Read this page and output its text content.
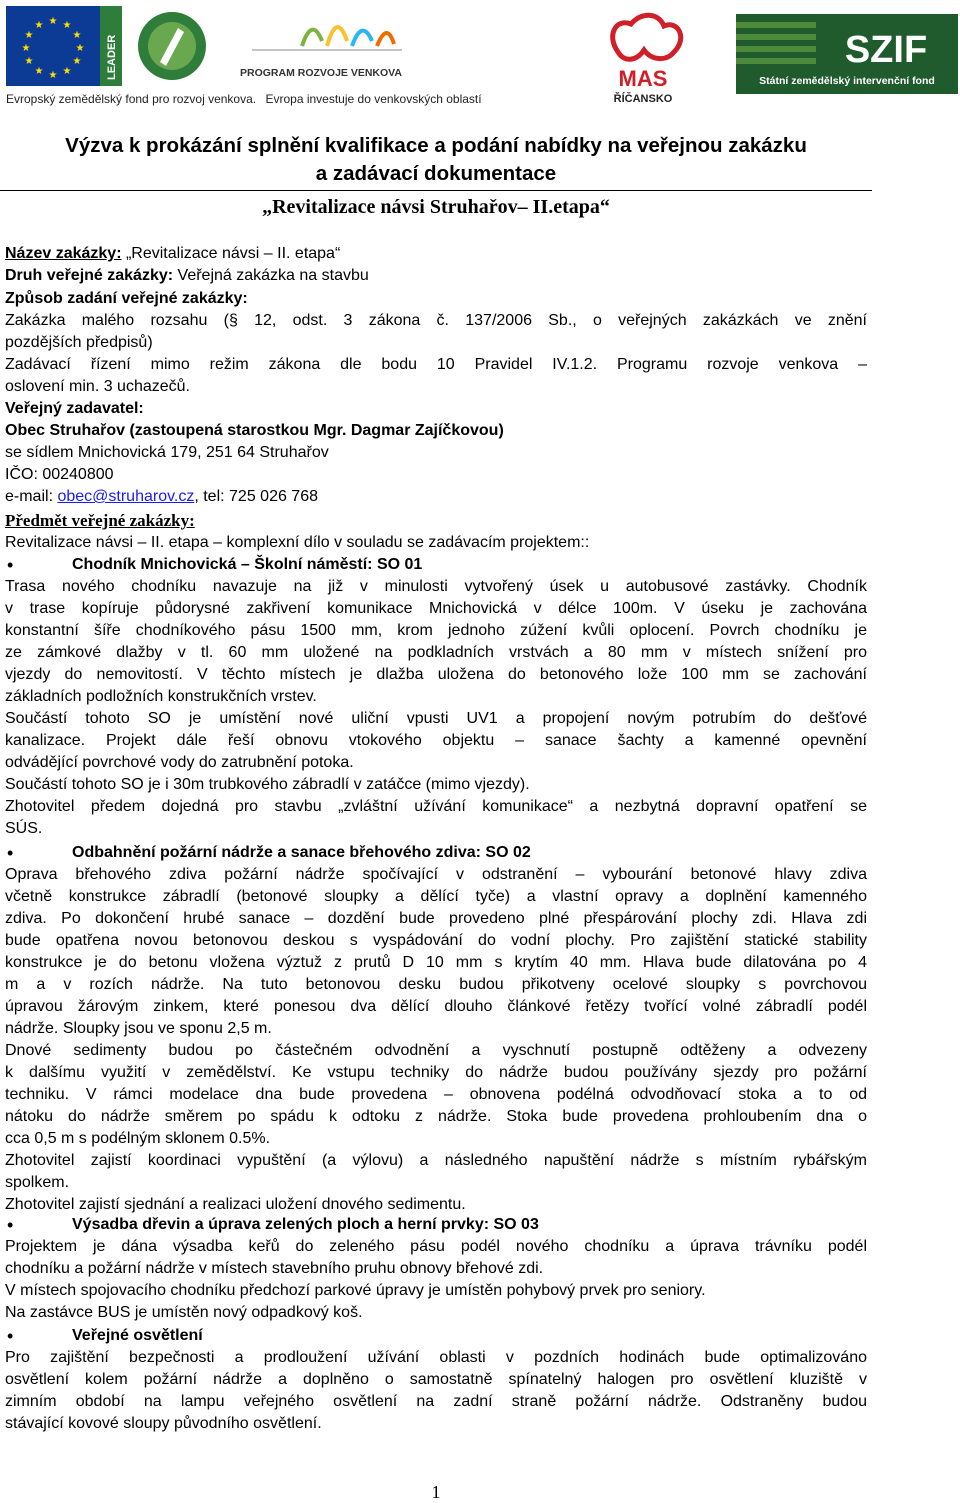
★ ★
★
★
★
★
★
★
★
★
★
★
LEADER	PROGRAM ROZVOJE VENKOVA	MAS
ŘÍČANSKO
SZIF
Státní zemědělský intervenční fond
Evropský zemědělský fond pro rozvoj venkova. Evropa investuje do venkovských oblastí
Výzva k prokázání splnění kvalifikace a podání nabídky na veřejnou zakázku
a zadávací dokumentace
„Revitalizace návsi Struhařov– II.etapa“
Název zakázky: „Revitalizace návsi – II. etapa“
Druh veřejné zakázky: Veřejná zakázka na stavbu
Způsob zadání veřejné zakázky:
Zakázka malého rozsahu (§ 12, odst. 3 zákona č. 137/2006 Sb., o veřejných zakázkách ve znění
pozdějších předpisů)
Zadávací řízení mimo režim zákona dle bodu 10 Pravidel IV.1.2. Programu rozvoje venkova –
oslovení min. 3 uchazečů.
Veřejný zadavatel:
Obec Struhařov (zastoupená starostkou Mgr. Dagmar Zajíčkovou)
se sídlem Mnichovická 179, 251 64 Struhařov
IČO: 00240800
e-mail: obec@struharov.cz, tel: 725 026 768
Předmět veřejné zakázky:
Revitalizace návsi – II. etapa – komplexní dílo v souladu se zadávacím projektem::
•
Chodník Mnichovická – Školní náměstí: SO 01
Trasa nového chodníku navazuje na již v minulosti vytvořený úsek u autobusové zastávky. Chodník
v trase kopíruje půdorysné zakřivení komunikace Mnichovická v délce 100m. V úseku je zachována
konstantní šíře chodníkového pásu 1500 mm, krom jednoho zúžení kvůli oplocení. Povrch chodníku je
ze zámkové dlažby v tl. 60 mm uložené na podkladních vrstvách a 80 mm v místech snížení pro
vjezdy do nemovitostí. V těchto místech je dlažba uložena do betonového lože 100 mm se zachování
základních podložních konstrukčních vrstev.
Součástí tohoto SO je umístění nové uliční vpusti UV1 a propojení novým potrubím do dešťové
kanalizace. Projekt dále řeší obnovu vtokového objektu – sanace šachty a kamenné opevnění
odvádějící povrchové vody do zatrubnění potoka.
Součástí tohoto SO je i 30m trubkového zábradlí v zatáčce (mimo vjezdy).
Zhotovitel předem dojedná pro stavbu „zvláštní užívání komunikace“ a nezbytná dopravní opatření se
SÚS.
•
Odbahnění požární nádrže a sanace břehového zdiva: SO 02
Oprava břehového zdiva požární nádrže spočívající v odstranění – vybourání betonové hlavy zdiva
včetně konstrukce zábradlí (betonové sloupky a dělící tyče) a vlastní opravy a doplnění kamenného
zdiva. Po dokončení hrubé sanace – dozdění bude provedeno plné přespárování plochy zdi. Hlava zdi
bude opatřena novou betonovou deskou s vyspádování do vodní plochy. Pro zajištění statické stability
konstrukce je do betonu vložena výztuž z prutů D 10 mm s krytím 40 mm. Hlava bude dilatována po 4
m a v rozích nádrže. Na tuto betonovou desku budou přikotveny ocelové sloupky s povrchovou
úpravou žárovým zinkem, které ponesou dva dělící dlouho článkové řetězy tvořící volné zábradlí podél
nádrže. Sloupky jsou ve sponu 2,5 m.
Dnové sedimenty budou po částečném odvodnění a vyschnutí postupně odtěženy a odvezeny
k dalšímu využití v zemědělství. Ke vstupu techniky do nádrže budou používány sjezdy pro požární
techniku. V rámci modelace dna bude provedena – obnovena podélná odvodňovací stoka a to od
nátoku do nádrže směrem po spádu k odtoku z nádrže. Stoka bude provedena prohloubením dna o
cca 0,5 m s podélným sklonem 0.5%.
Zhotovitel zajistí koordinaci vypuštění (a výlovu) a následného napuštění nádrže s místním rybářským
spolkem.
Zhotovitel zajistí sjednání a realizaci uložení dnového sedimentu.
•
Výsadba dřevin a úprava zelených ploch a herní prvky: SO 03
Projektem je dána výsadba keřů do zeleného pásu podél nového chodníku a úprava trávníku podél
chodníku a požární nádrže v místech stavebního pruhu obnovy břehové zdi.
V místech spojovacího chodníku předchozí parkové úpravy je umístěn pohybový prvek pro seniory.
Na zastávce BUS je umístěn nový odpadkový koš.
•
Veřejné osvětlení
Pro zajištění bezpečnosti a prodloužení užívání oblasti v pozdních hodinách bude optimalizováno
osvětlení kolem požární nádrže a doplněno o samostatně spínatelný halogen pro osvětlení kluziště v
zimním období na lampu veřejného osvětlení na zadní straně požární nádrže. Odstraněny budou
stávající kovové sloupy původního osvětlení.
1
